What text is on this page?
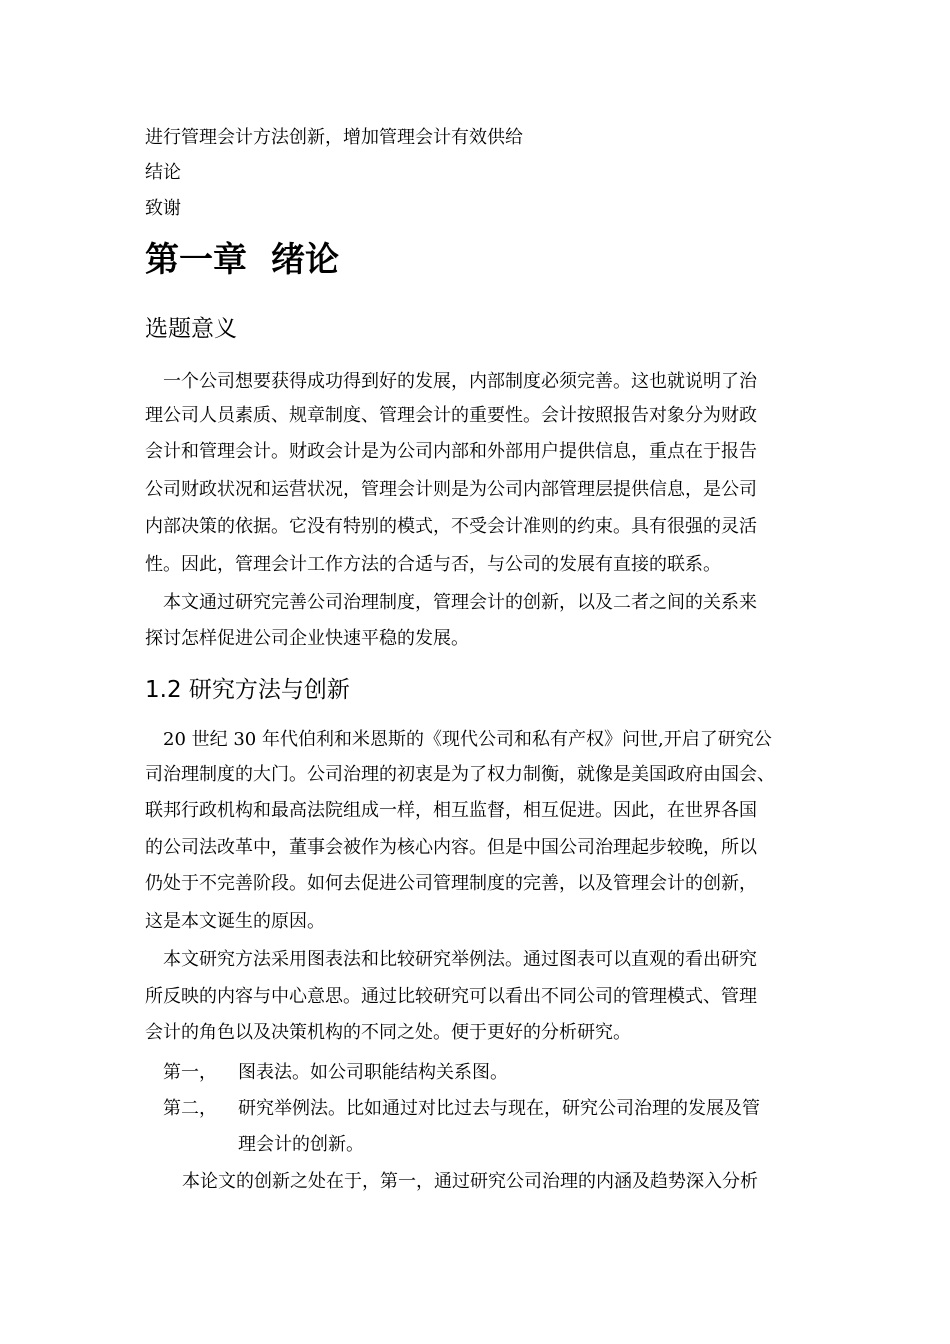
进行管理会计方法创新，增加管理会计有效供给
结论
致谢
第一章 绪论
选题意义
一个公司想要获得成功得到好的发展，内部制度必须完善。这也就说明了治
理公司人员素质、规章制度、管理会计的重要性。会计按照报告对象分为财政
会计和管理会计。财政会计是为公司内部和外部用户提供信息，重点在于报告
公司财政状况和运营状况，管理会计则是为公司内部管理层提供信息，是公司
内部决策的依据。它没有特别的模式，不受会计准则的约束。具有很强的灵活
性。因此，管理会计工作方法的合适与否，与公司的发展有直接的联系。
本文通过研究完善公司治理制度，管理会计的创新，以及二者之间的关系来
探讨怎样促进公司企业快速平稳的发展。
1.2 研究方法与创新
20 世纪 30 年代伯利和米恩斯的《现代公司和私有产权》问世,开启了研究公
司治理制度的大门。公司治理的初衷是为了权力制衡，就像是美国政府由国会、
联邦行政机构和最高法院组成一样，相互监督，相互促进。因此，在世界各国
的公司法改革中，董事会被作为核心内容。但是中国公司治理起步较晚，所以
仍处于不完善阶段。如何去促进公司管理制度的完善，以及管理会计的创新，
这是本文诞生的原因。
本文研究方法采用图表法和比较研究举例法。通过图表可以直观的看出研究
所反映的内容与中心意思。通过比较研究可以看出不同公司的管理模式、管理
会计的角色以及决策机构的不同之处。便于更好的分析研究。
第一， 图表法。如公司职能结构关系图。
第二， 研究举例法。比如通过对比过去与现在，研究公司治理的发展及管
理会计的创新。
本论文的创新之处在于，第一，通过研究公司治理的内涵及趋势深入分析
